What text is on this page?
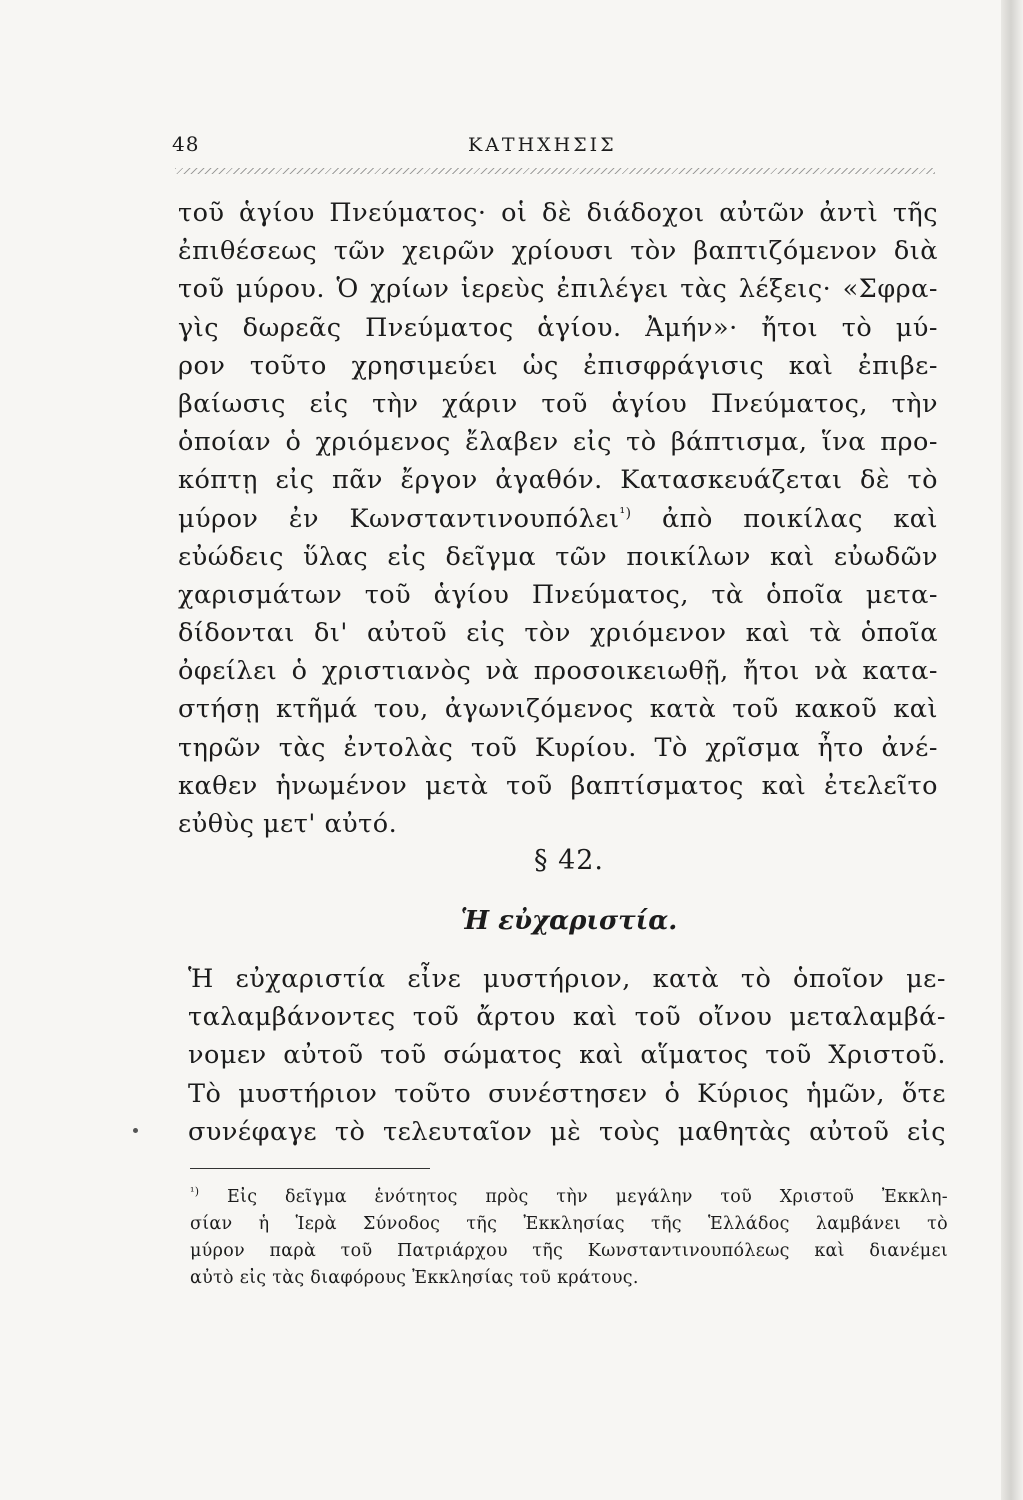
48	ΚΑΤΗΧΗΣΙΣ
τοῦ ἁγίου Πνεύματος· οἱ δὲ διάδοχοι αὐτῶν ἀντὶ τῆς
ἐπιθέσεως τῶν χειρῶν χρίουσι τὸν βαπτιζόμενον διὰ
τοῦ μύρου. Ὁ χρίων ἱερεὺς ἐπιλέγει τὰς λέξεις· «Σφρα-
γὶς δωρεᾶς Πνεύματος ἁγίου. Ἀμήν»· ἤτοι τὸ μύ-
ρον τοῦτο χρησιμεύει ὡς ἐπισφράγισις καὶ ἐπιβε-
βαίωσις εἰς τὴν χάριν τοῦ ἁγίου Πνεύματος, τὴν
ὁποίαν ὁ χριόμενος ἔλαβεν εἰς τὸ βάπτισμα, ἵνα προ-
κόπτῃ εἰς πᾶν ἔργον ἀγαθόν. Κατασκευάζεται δὲ τὸ
μύρον ἐν Κωνσταντινουπόλει$^{^1)}$ ἀπὸ ποικίλας καὶ
εὐώδεις ὕλας εἰς δεῖγμα τῶν ποικίλων καὶ εὐωδῶν
χαρισμάτων τοῦ ἁγίου Πνεύματος, τὰ ὁποῖα μετα-
δίδονται δι' αὐτοῦ εἰς τὸν χριόμενον καὶ τὰ ὁποῖα
ὀφείλει ὁ χριστιανὸς νὰ προσοικειωθῇ, ἤτοι νὰ κατα-
στήσῃ κτῆμά του, ἀγωνιζόμενος κατὰ τοῦ κακοῦ καὶ
τηρῶν τὰς ἐντολὰς τοῦ Κυρίου. Τὸ χρῖσμα ἦτο ἀνέ-
καθεν ἡνωμένον μετὰ τοῦ βαπτίσματος καὶ ἐτελεῖτο
εὐθὺς μετ' αὐτό.
§ 42.
Ἡ εὐχαριστία.
Ἡ εὐχαριστία εἶνε μυστήριον, κατὰ τὸ ὁποῖον με-
ταλαμβάνοντες τοῦ ἄρτου καὶ τοῦ οἴνου μεταλαμβά-
νομεν αὐτοῦ τοῦ σώματος καὶ αἵματος τοῦ Χριστοῦ.
Τὸ μυστήριον τοῦτο συνέστησεν ὁ Κύριος ἡμῶν, ὅτε
συνέφαγε τὸ τελευταῖον μὲ τοὺς μαθητὰς αὐτοῦ εἰς
$^{^1)}$ Εἰς δεῖγμα ἑνότητος πρὸς τὴν μεγάλην τοῦ Χριστοῦ Ἐκκλη-
σίαν ἡ Ἱερὰ Σύνοδος τῆς Ἐκκλησίας τῆς Ἑλλάδος λαμβάνει τὸ
μύρον παρὰ τοῦ Πατριάρχου τῆς Κωνσταντινουπόλεως καὶ διανέμει
αὐτὸ εἰς τὰς διαφόρους Ἐκκλησίας τοῦ κράτους.
